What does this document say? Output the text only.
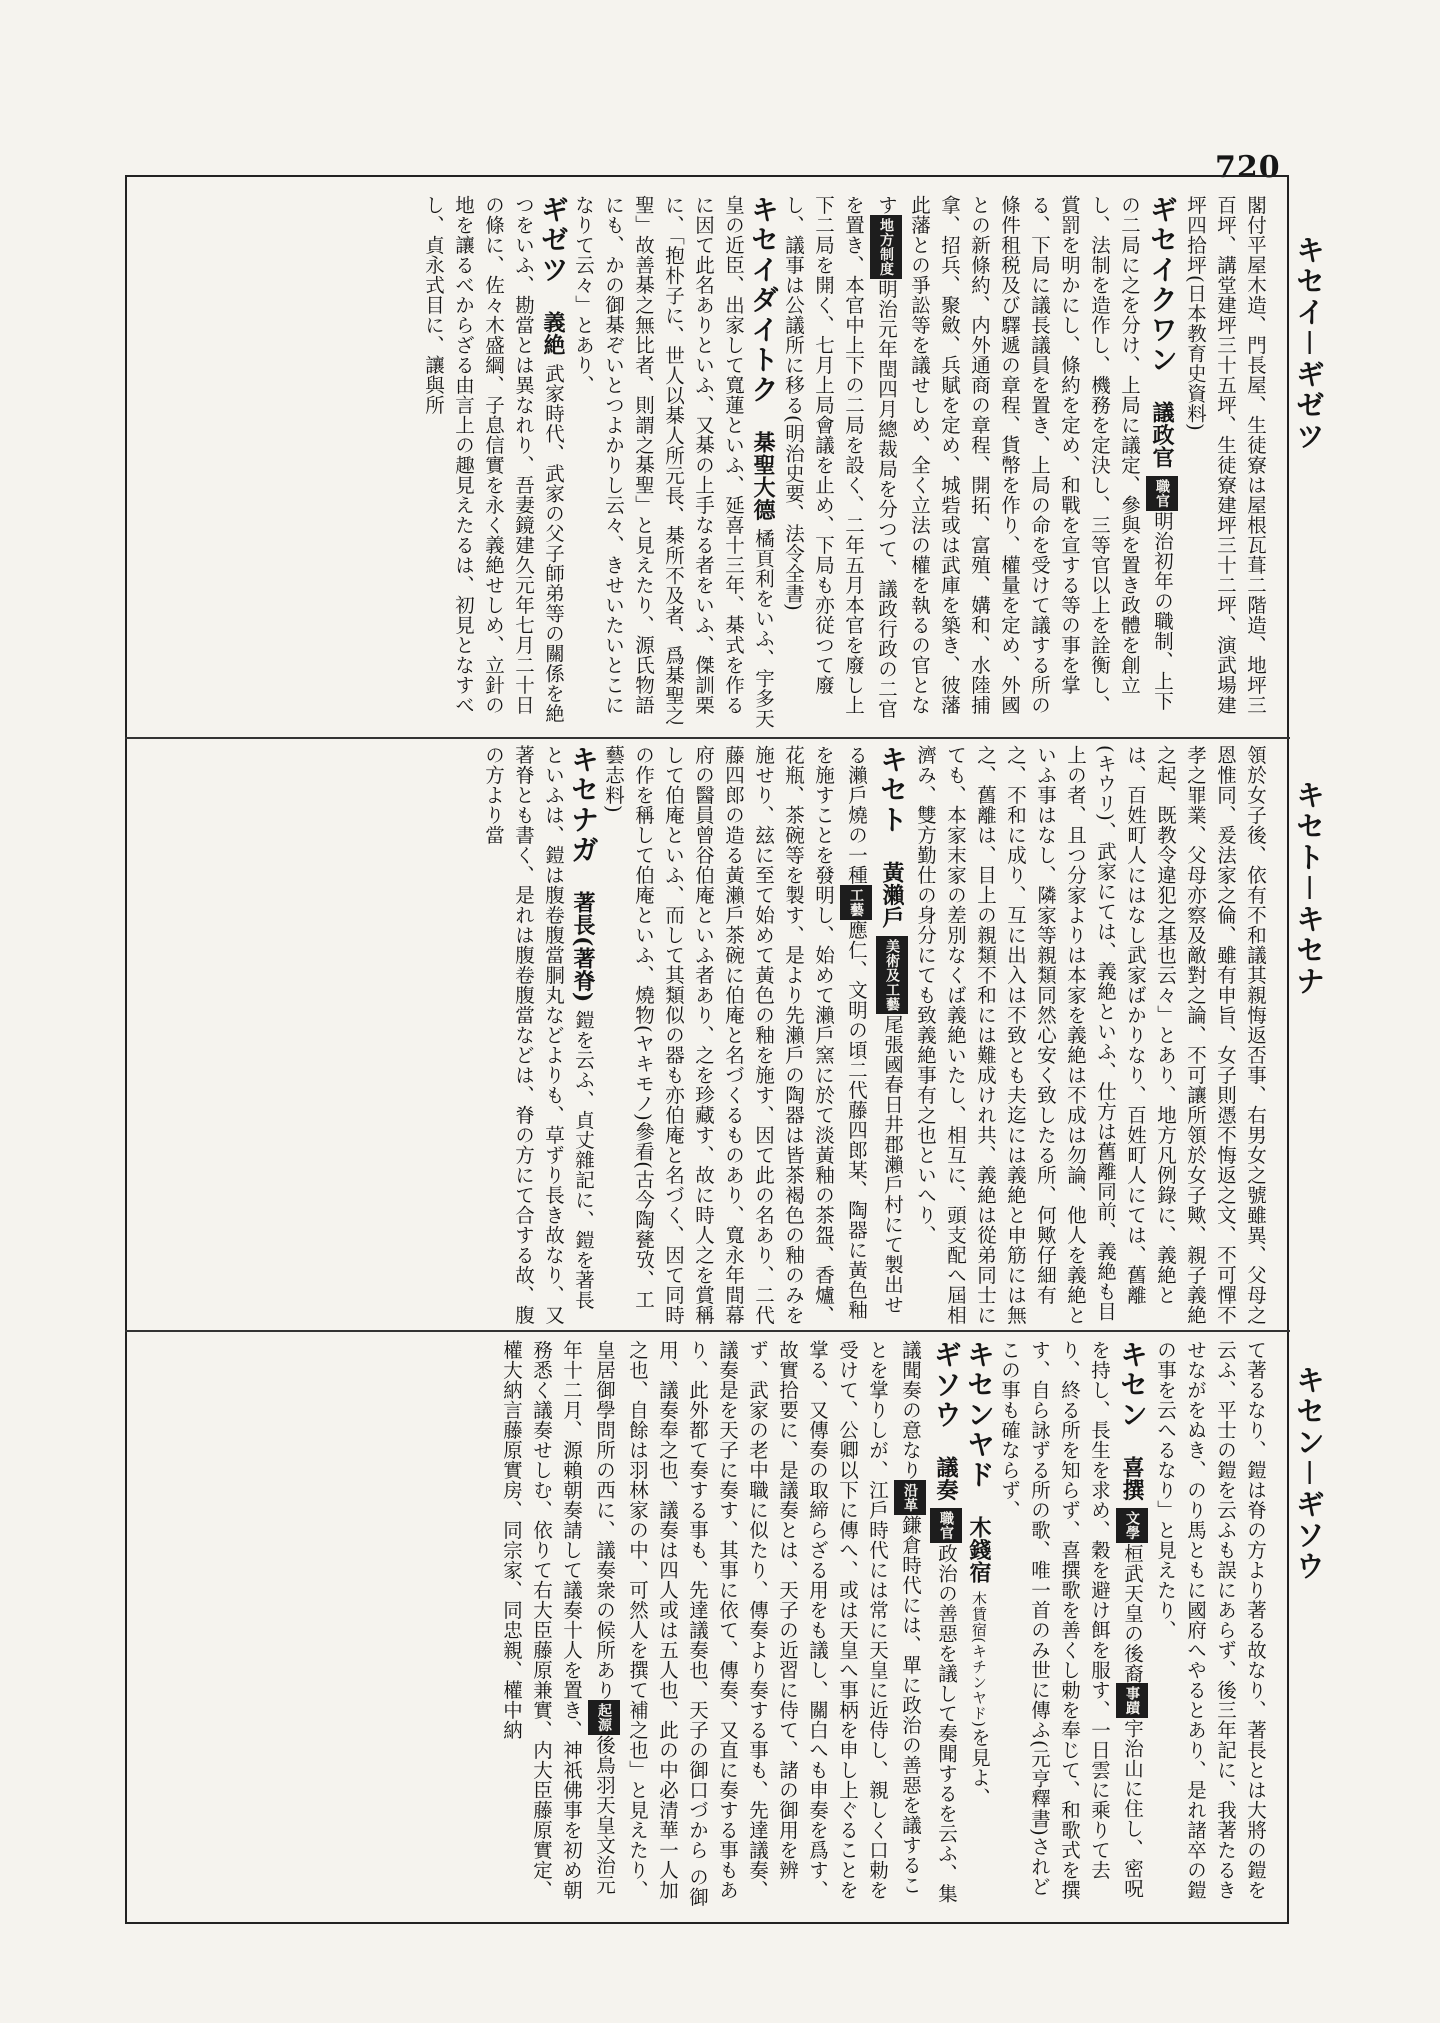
720
キセイ－ギゼツ
キセト－キセナ
キセン－ギソウ
閣付平屋木造、門長屋、生徒寮は屋根瓦葺二階造、地坪三百坪、講堂建坪三十五坪、生徒寮建坪三十二坪、演武場建坪四拾坪(日本教育史資料)
ギセイクワン議政官 職官明治初年の職制、上下の二局に之を分け、上局に議定、參與を置き政體を創立し、法制を造作し、機務を定決し、三等官以上を詮衡し、賞罰を明かにし、條約を定め、和戰を宣する等の事を掌る、下局に議長議員を置き、上局の命を受けて議する所の條件租税及び驛遞の章程、貨幣を作り、權量を定め、外國との新條約、内外通商の章程、開拓、富殖、媾和、水陸捕拿、招兵、聚斂、兵賦を定め、城砦或は武庫を築き、彼藩此藩との爭訟等を議せしめ、全く立法の權を執るの官となす地方制度明治元年閏四月總裁局を分つて、議政行政の二官を置き、本官中上下の二局を設く、二年五月本官を廢し上下二局を開く、七月上局會議を止め、下局も亦従つて廢し、議事は公議所に移る(明治史要、法令全書)
キセイダイトク棊聖大德 橘頁利をいふ、宇多天皇の近臣、出家して寬蓮といふ、延喜十三年、棊式を作るに因て此名ありといふ、又棊の上手なる者をいふ、傑訓栗に、「抱朴子に、世人以棊人所元長、棊所不及者、爲棊聖之聖」故善棊之無比者、則謂之棊聖」と見えたり、源氏物語にも、かの御棊ぞいとつよかりし云々、きせいたいとこになりて云々」とあり、
ギゼツ義絶 武家時代、武家の父子師弟等の關係を絶つをいふ、勘當とは異なれり、吾妻鏡建久元年七月二十日の條に、佐々木盛綱、子息信實を永く義絶せしめ、立針の地を讓るべからざる由言上の趣見えたるは、初見となすべし、貞永式目に、讓與所
領於女子後、依有不和議其親悔返否事、右男女之號雖異、父母之恩惟同、爰法家之倫、雖有申旨、女子則憑不悔返之文、不可憚不孝之罪業、父母亦察及敵對之論、不可讓所領於女子歟、親子義絶之起、既教令違犯之基也云々」とあり、地方凡例錄に、義絶とは、百姓町人にはなし武家ばかりなり、百姓町人にては、舊離(キウリ)、武家にては、義絶といふ、仕方は舊離同前、義絶も目上の者、且つ分家よりは本家を義絶は不成は勿論、他人を義絶といふ事はなし、隣家等親類同然心安く致したる所、何歟仔細有之、不和に成り、互に出入は不致とも夫迄には義絶と申筋には無之、舊離は、目上の親類不和には難成けれ共、義絶は從弟同士にても、本家末家の差別なくば義絶いたし、相互に、頭支配へ屆相濟み、雙方勤仕の身分にても致義絶事有之也といへり、
キセト黃瀨戶 美術及工藝尾張國春日井郡瀨戶村にて製出せる瀨戶燒の一種工藝應仁、文明の頃二代藤四郎某、陶器に黃色釉を施すことを發明し、始めて瀨戶窯に於て淡黃釉の茶盌、香爐、花瓶、茶碗等を製す、是より先瀨戶の陶器は皆茶褐色の釉のみを施せり、玆に至て始めて黃色の釉を施す、因て此の名あり、二代藤四郎の造る黃瀨戶茶碗に伯庵と名づくるものあり、寬永年間幕府の醫員曾谷伯庵といふ者あり、之を珍藏す、故に時人之を賞稱して伯庵といふ、而して其類似の器も亦伯庵と名づく、因て同時の作を稱して伯庵といふ、燒物(ヤキモノ)參看(古今陶甆攷、工藝志料)
キセナガ著長(著脊) 鎧を云ふ、貞丈雜記に、鎧を著長といふは、鎧は腹卷腹當胴丸などよりも、草ずり長き故なり、又著脊とも書く、是れは腹卷腹當などは、脊の方にて合する故、腹の方より當
て著るなり、鎧は脊の方より著る故なり、著長とは大將の鎧を云ふ、平士の鎧を云ふも誤にあらず、後三年記に、我著たるきせながをぬき、のり馬ともに國府へやるとあり、是れ諸卒の鎧の事を云へるなり」と見えたり、
キセン喜撰 文學桓武天皇の後裔事蹟宇治山に住し、密呪を持し、長生を求め、穀を避け餌を服す、一日雲に乘りて去り、終る所を知らず、喜撰歌を善くし勅を奉じて、和歌式を撰す、自ら詠ずる所の歌、唯一首のみ世に傳ふ(元亨釋書)されどこの事も確ならず、
キセンヤド木錢宿 木賃宿(キチンヤド)を見よ、
ギソウ議奏 職官政治の善惡を議して奏聞するを云ふ、集議聞奏の意なり沿革鎌倉時代には、單に政治の善惡を議することを掌りしが、江戶時代には常に天皇に近侍し、親しく口勅を受けて、公卿以下に傳へ、或は天皇へ事柄を申し上ぐることを掌る、又傳奏の取締らざる用をも議し、關白へも申奏を爲す、故實拾要に、是議奏とは、天子の近習に侍て、諸の御用を辨ず、武家の老中職に似たり、傳奏より奏する事も、先達議奏、議奏是を天子に奏す、其事に依て、傳奏、又直に奏する事もあり、此外都て奏する事も、先達議奏也、天子の御口づから の御用、議奏奉之也、議奏は四人或は五人也、此の中必清華一人加之也、自餘は羽林家の中、可然人を撰て補之也」と見えたり、皇居御學問所の西に、議奏衆の候所あり起源後鳥羽天皇文治元年十二月、源賴朝奏請して議奏十人を置き、神祇佛事を初め朝務悉く議奏せしむ、依りて右大臣藤原兼實、内大臣藤原實定、權大納言藤原實房、同宗家、同忠親、權中納
